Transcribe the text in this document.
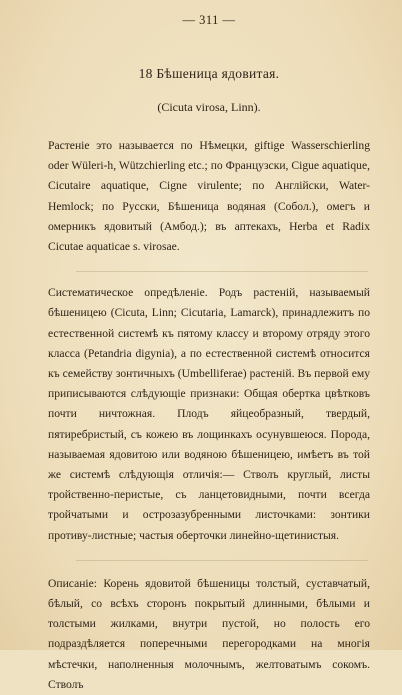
— 311 —
18 Бѣшеница ядовитая.
(Cicuta virosa, Linn).

Растеніе это называется по Нѣмецки, giftige Wasserschierling oder Wüleri-h, Wützchierling etc.; по Французски, Cigue aquatique, Cicutaire aquatique, Cigne virulente; по Англійски, Water-Hemlock; по Русски, Бѣшеница водяная (Собол.), омегъ и омерникъ ядовитый (Амбод.); въ аптекахъ, Herba et Radix Cicutae aquaticae s. virosae.

Систематическое опредѣленіе. Родъ растеній, называемый бѣшеницею (Cicuta, Linn; Cicutaria, Lamarck), принадлежитъ по естественной системѣ къ пятому классу и второму отряду этого класса (Petandria digynia), а по естественной системѣ относится къ семейству зонтичныхъ (Umbelliferae) растеній. Въ первой ему приписываются слѣдующіе признаки: Общая обертка цвѣтковъ почти ничтожная. Плодъ яйцеобразный, твердый, пятиребристый, съ кожею въ лощинкахъ осунувшеюся. Порода, называемая ядовитою или водяною бѣшеницею, имѣетъ въ той же системѣ слѣдующія отличія:— Стволъ круглый, листы тройственно-перистые, съ ланцетовидными, почти всегда тройчатыми и острозазубренными листочками: зонтики противу-листные; частыя оберточки линейно-щетинистыя.

Описаніе: Корень ядовитой бѣшеницы толстый, суставчатый, бѣлый, со всѣхъ сторонъ покрытый длинными, бѣлыми и толстыми жилками, внутри пустой, но полость его подраздѣляется поперечными перегородками на многія мѣстечки, наполненныя молочнымъ, желтоватымъ сокомъ. Стволъ
